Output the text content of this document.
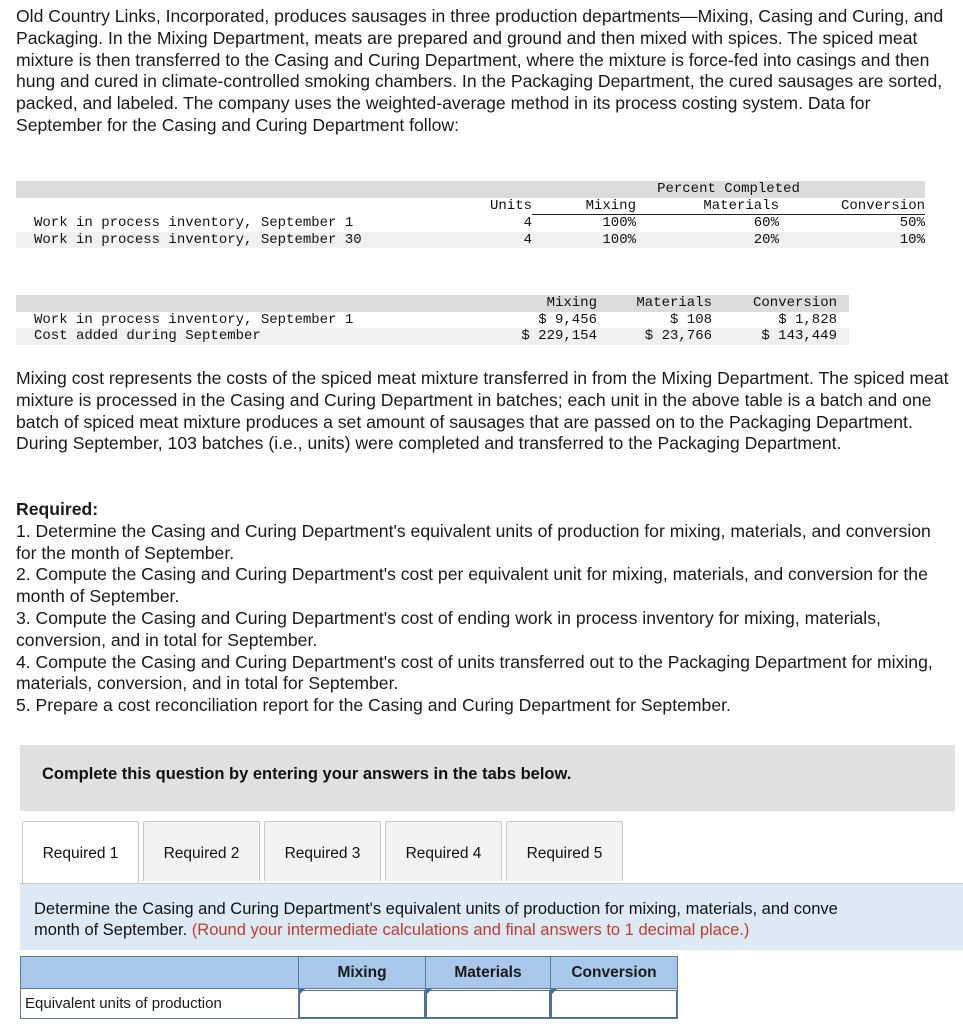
Old Country Links, Incorporated, produces sausages in three production departments—Mixing, Casing and Curing, and Packaging. In the Mixing Department, meats are prepared and ground and then mixed with spices. The spiced meat mixture is then transferred to the Casing and Curing Department, where the mixture is force-fed into casings and then hung and cured in climate-controlled smoking chambers. In the Packaging Department, the cured sausages are sorted, packed, and labeled. The company uses the weighted-average method in its process costing system. Data for September for the Casing and Curing Department follow:

		Percent Completed		
	Units	Mixing	Materials	Conversion
Work in process inventory, September 1	4	100%	60%	50%
Work in process inventory, September 30	4	100%	20%	10%
	Mixing	Materials	Conversion
Work in process inventory, September 1	$ 9,456	$ 108	$ 1,828
Cost added during September	$ 229,154	$ 23,766	$ 143,449

Mixing cost represents the costs of the spiced meat mixture transferred in from the Mixing Department. The spiced meat mixture is processed in the Casing and Curing Department in batches; each unit in the above table is a batch and one batch of spiced meat mixture produces a set amount of sausages that are passed on to the Packaging Department. During September, 103 batches (i.e., units) were completed and transferred to the Packaging Department.

Required:
1. Determine the Casing and Curing Department's equivalent units of production for mixing, materials, and conversion for the month of September.
2. Compute the Casing and Curing Department's cost per equivalent unit for mixing, materials, and conversion for the month of September.
3. Compute the Casing and Curing Department's cost of ending work in process inventory for mixing, materials, conversion, and in total for September.
4. Compute the Casing and Curing Department's cost of units transferred out to the Packaging Department for mixing, materials, conversion, and in total for September.
5. Prepare a cost reconciliation report for the Casing and Curing Department for September.
Complete this question by entering your answers in the tabs below.
Required 1	Required 2	Required 3	Required 4	Required 5
Determine the Casing and Curing Department's equivalent units of production for mixing, materials, and conve
month of September. (Round your intermediate calculations and final answers to 1 decimal place.)
	Mixing	Materials	Conversion
Equivalent units of production	
